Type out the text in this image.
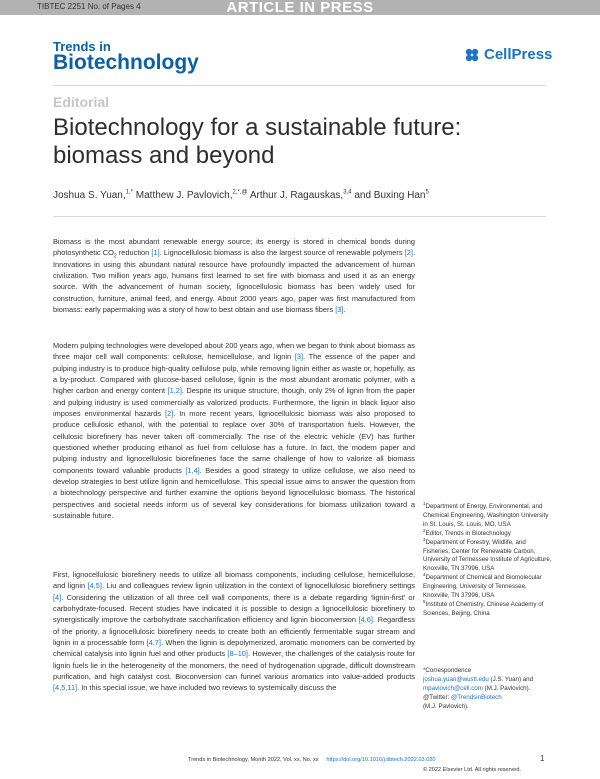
TIBTEC 2251 No. of Pages 4	ARTICLE IN PRESS
Trends in
Biotechnology	CellPress
Editorial
Biotechnology for a sustainable future: biomass and beyond
Joshua S. Yuan,$^{1,*}$ Matthew J. Pavlovich,$^{2,*,@}$ Arthur J. Ragauskas,$^{3,4}$ and Buxing Han$^5$
Biomass is the most abundant renewable energy source; its energy is stored in chemical bonds during photosynthetic $CO_2$ reduction [1]. Lignocellulosic biomass is also the largest source of renewable polymers [2]. Innovations in using this abundant natural resource have profoundly impacted the advancement of human civilization. Two million years ago, humans first learned to set fire with biomass and used it as an energy source. With the advancement of human society, lignocellulosic biomass has been widely used for construction, furniture, animal feed, and energy. About 2000 years ago, paper was first manufactured from biomass: early papermaking was a story of how to best obtain and use biomass fibers [3].
Modern pulping technologies were developed about 200 years ago, when we began to think about biomass as three major cell wall components: cellulose, hemicellulose, and lignin [3]. The essence of the paper and pulping industry is to produce high-quality cellulose pulp, while removing lignin either as waste or, hopefully, as a by-product. Compared with glucose-based cellulose, lignin is the most abundant aromatic polymer, with a higher carbon and energy content [1,2]. Despite its unique structure, though, only 2% of lignin from the paper and pulping industry is used commercially as valorized products. Furthermore, the lignin in black liquor also imposes environmental hazards [2]. In more recent years, lignocellulosic biomass was also proposed to produce cellulosic ethanol, with the potential to replace over 30% of transportation fuels. However, the cellulosic biorefinery has never taken off commercially. The rise of the electric vehicle (EV) has further questioned whether producing ethanol as fuel from cellulose has a future. In fact, the modern paper and pulping industry and lignocellulosic biorefineries face the same challenge of how to valorize all biomass components toward valuable products [1,4]. Besides a good strategy to utilize cellulose, we also need to develop strategies to best utilize lignin and hemicellulose. This special issue aims to answer the question from a biotechnology perspective and further examine the options beyond lignocellulosic biomass. The historical perspectives and societal needs inform us of several key considerations for biomass utilization toward a sustainable future.
First, lignocellulosic biorefinery needs to utilize all biomass components, including cellulose, hemicellulose, and lignin [4,5]. Liu and colleagues review lignin utilization in the context of lignocellulosic biorefinery settings [4]. Considering the utilization of all three cell wall components, there is a debate regarding ‘lignin-first’ or carbohydrate-focused. Recent studies have indicated it is possible to design a lignocellulosic biorefinery to synergistically improve the carbohydrate saccharification efficiency and lignin bioconversion [4,6]. Regardless of the priority, a lignocellulosic biorefinery needs to create both an efficiently fermentable sugar stream and lignin in a processable form [4,7]. When the lignin is depolymerized, aromatic monomers can be converted by chemical catalysis into lignin fuel and other products [8–10]. However, the challenges of the catalysis route for lignin fuels lie in the heterogeneity of the monomers, the need of hydrogenation upgrade, difficult downstream purification, and high catalyst cost. Bioconversion can funnel various aromatics into value-added products [4,5,11]. In this special issue, we have included two reviews to systemically discuss the
$^1$Department of Energy, Environmental, and Chemical Engineering, Washington University in St. Louis, St. Louis, MO, USA
$^2$Editor, Trends in Biotechnology
$^3$Department of Forestry, Wildlife, and Fisheries, Center for Renewable Carbon, University of Tennessee Institute of Agriculture, Knoxville, TN 37996, USA
$^4$Department of Chemical and Biomolecular Engineering, University of Tennessee, Knoxville, TN 37996, USA
$^5$Institute of Chemistry, Chinese Academy of Sciences, Beijing, China
*Correspondence
joshua.yuan@wustl.edu (J.S. Yuan) and mpavlovich@cell.com (M.J. Pavlovich).
@Twitter: @TrendsinBiotech
(M.J. Pavlovich).
Trends in Biotechnology, Month 2022, Vol. xx, No. xx https://doi.org/10.1016/j.tibtech.2022.03.020	1
© 2022 Elsevier Ltd. All rights reserved.
